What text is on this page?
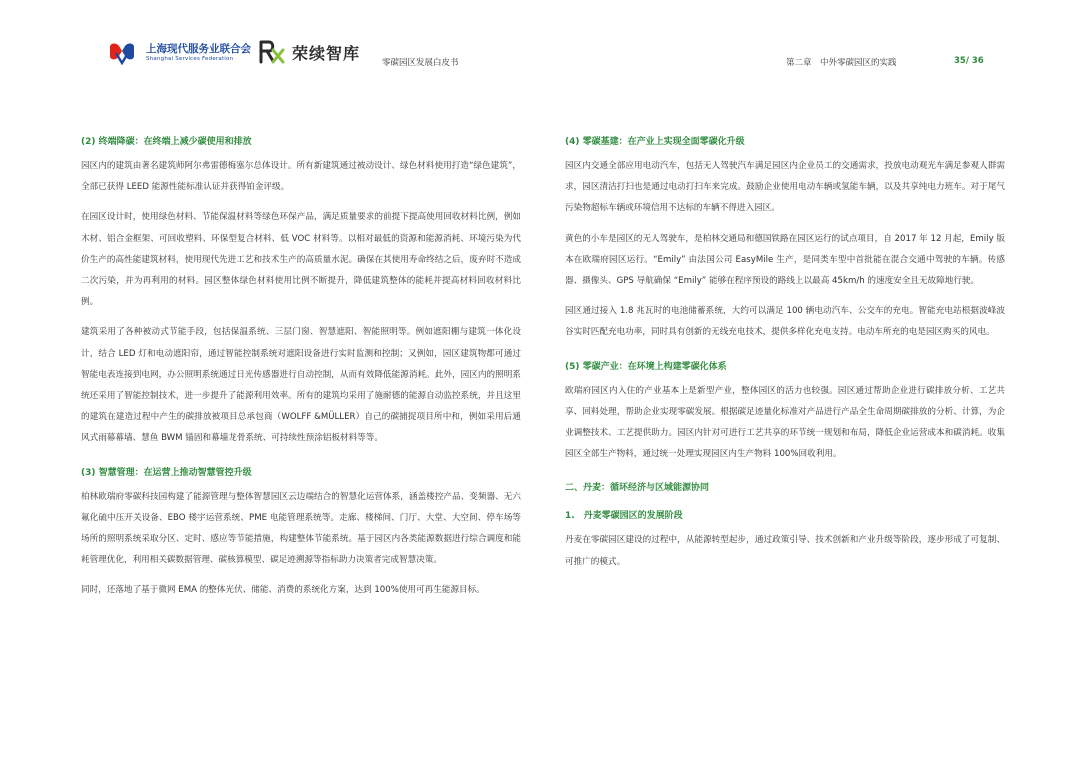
上海现代服务业联合会
Shanghai Services Federation	荣续智库
零碳园区发展白皮书	第二章　中外零碳园区的实践	35/ 36

(2) 终端降碳：在终端上减少碳使用和排放

园区内的建筑由著名建筑师阿尔弗雷德梅塞尔总体设计。所有新建筑通过被动设计、绿色材料使用打造“绿色建筑”，全部已获得 LEED 能源性能标准认证并获得铂金评级。

在园区设计时，使用绿色材料、节能保温材料等绿色环保产品，满足质量要求的前提下提高使用回收材料比例，例如木材、铝合金框架、可回收塑料、环保型复合材料、低 VOC 材料等。以相对最低的资源和能源消耗、环境污染为代价生产的高性能建筑材料，使用现代先进工艺和技术生产的高质量水泥。确保在其使用寿命终结之后，废弃时不造成二次污染，并为再利用的材料。园区整体绿色材料使用比例不断提升，降低建筑整体的能耗并提高材料回收材料比例。

建筑采用了各种被动式节能手段，包括保温系统、三层门窗、智慧遮阳、智能照明等。例如遮阳棚与建筑一体化设计，结合 LED 灯和电动遮阳帘，通过智能控制系统对遮阳设备进行实时监测和控制；又例如，园区建筑物都可通过智能电表连接到电网，办公照明系统通过日光传感器进行自动控制，从而有效降低能源消耗。此外，园区内的照明系统还采用了智能控制技术，进一步提升了能源利用效率。所有的建筑均采用了施耐德的能源自动监控系统，并且这里的建筑在建造过程中产生的碳排放被项目总承包商（WOLFF &MÜLLER）自己的碳捕捉项目所中和，例如采用后通风式雨幕幕墙、慧鱼 BWM 锚固和幕墙龙骨系统、可持续性预涂铝板材料等等。

(3) 智慧管理：在运营上推动智慧管控升级

柏林欧瑞府零碳科技园构建了能源管理与整体智慧园区云边端结合的智慧化运营体系，涵盖楼控产品、变频器、无六氟化硫中压开关设备、EBO 楼宇运营系统、PME 电能管理系统等。走廊、楼梯间、门厅、大堂、大空间、停车场等场所的照明系统采取分区、定时、感应等节能措施，构建整体节能系统。基于园区内各类能源数据进行综合调度和能耗管理优化，利用相关碳数据管理、碳核算模型、碳足迹溯源等指标助力决策者完成智慧决策。

同时，还落地了基于微网 EMA 的整体光伏、储能、消费的系统化方案，达到 100%使用可再生能源目标。

(4) 零碳基建：在产业上实现全面零碳化升级

园区内交通全部应用电动汽车，包括无人驾驶汽车满足园区内企业员工的交通需求，投放电动观光车满足参观人群需求，园区清洁打扫也是通过电动打扫车来完成。鼓励企业使用电动车辆或氢能车辆，以及共享纯电力班车。对于尾气污染物超标车辆或环境信用不达标的车辆不得进入园区。

黄色的小车是园区的无人驾驶车，是柏林交通局和德国铁路在园区运行的试点项目，自 2017 年 12 月起，Emily 版本在欧瑞府园区运行。“Emily” 由法国公司 EasyMile 生产，是同类车型中首批能在混合交通中驾驶的车辆。传感器、摄像头、GPS 导航确保 “Emily” 能够在程序预设的路线上以最高 45km/h 的速度安全且无故障地行驶。

园区通过接入 1.8 兆瓦时的电池储蓄系统，大约可以满足 100 辆电动汽车、公交车的充电。智能充电站根据波峰波谷实时匹配充电功率，同时具有创新的无线充电技术，提供多样化充电支持。电动车所充的电是园区购买的风电。

(5) 零碳产业：在环境上构建零碳化体系

欧瑞府园区内入住的产业基本上是新型产业，整体园区的活力也较强。园区通过帮助企业进行碳排放分析、工艺共享、回料处理，帮助企业实现零碳发展。根据碳足迹量化标准对产品进行产品全生命周期碳排放的分析、计算，为企业调整技术、工艺提供助力。园区内针对可进行工艺共享的环节统一规划和布局，降低企业运营成本和碳消耗。收集园区全部生产物料，通过统一处理实现园区内生产物料 100%回收利用。

二、丹麦：循环经济与区域能源协同

1.　丹麦零碳园区的发展阶段

丹麦在零碳园区建设的过程中，从能源转型起步，通过政策引导、技术创新和产业升级等阶段，逐步形成了可复制、可推广的模式。
